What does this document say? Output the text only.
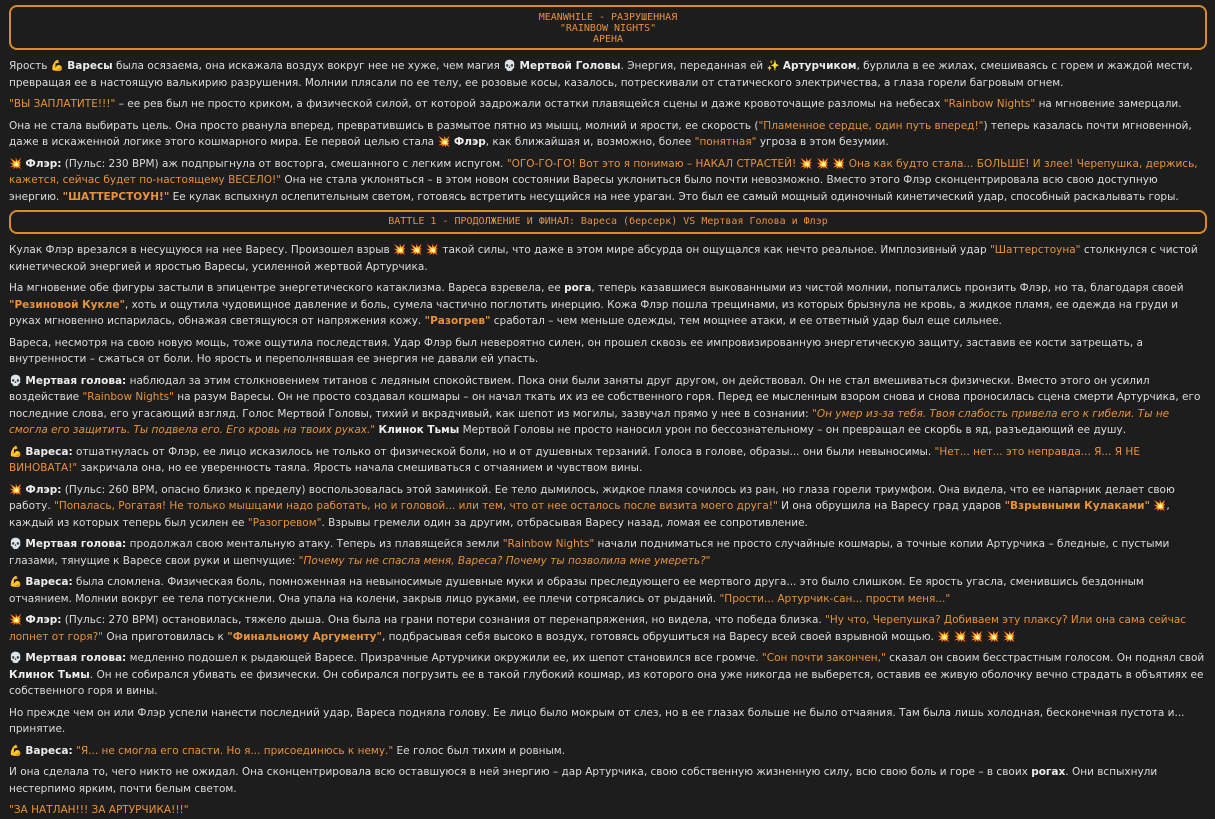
MEANWHILE - РАЗРУШЕННАЯ
"RAINBOW NIGHTS"
АРЕНА

Ярость 💪 Варесы была осязаема, она искажала воздух вокруг нее не хуже, чем магия 💀 Мертвой Головы. Энергия, переданная ей ✨ Артурчиком, бурлила в ее жилах, смешиваясь с горем и жаждой мести, превращая ее в настоящую валькирию разрушения. Молнии плясали по ее телу, ее розовые косы, казалось, потрескивали от статического электричества, а глаза горели багровым огнем.

"ВЫ ЗАПЛАТИТЕ!!!" – ее рев был не просто криком, а физической силой, от которой задрожали остатки плавящейся сцены и даже кровоточащие разломы на небесах "Rainbow Nights" на мгновение замерцали.

Она не стала выбирать цель. Она просто рванула вперед, превратившись в размытое пятно из мышц, молний и ярости, ее скорость ("Пламенное сердце, один путь вперед!") теперь казалась почти мгновенной, даже в искаженной логике этого кошмарного мира. Ее первой целью стала 💥 Флэр, как ближайшая и, возможно, более "понятная" угроза в этом безумии.

💥 Флэр: (Пульс: 230 BPM) аж подпрыгнула от восторга, смешанного с легким испугом. "ОГО-ГО-ГО! Вот это я понимаю – НАКАЛ СТРАСТЕЙ! 💥 💥 💥 Она как будто стала... БОЛЬШЕ! И злее! Черепушка, держись, кажется, сейчас будет по-настоящему ВЕСЕЛО!" Она не стала уклоняться – в этом новом состоянии Варесы уклониться было почти невозможно. Вместо этого Флэр сконцентрировала всю свою доступную энергию. "ШАТТЕРСТОУН!" Ее кулак вспыхнул ослепительным светом, готовясь встретить несущийся на нее ураган. Это был ее самый мощный одиночный кинетический удар, способный раскалывать горы.

BATTLE 1 - ПРОДОЛЖЕНИЕ И ФИНАЛ: Вареса (берсерк) VS Мертвая Голова и Флэр

Кулак Флэр врезался в несущуюся на нее Варесу. Произошел взрыв 💥 💥 💥 такой силы, что даже в этом мире абсурда он ощущался как нечто реальное. Имплозивный удар "Шаттерстоуна" столкнулся с чистой кинетической энергией и яростью Варесы, усиленной жертвой Артурчика.

На мгновение обе фигуры застыли в эпицентре энергетического катаклизма. Вареса взревела, ее рога, теперь казавшиеся выкованными из чистой молнии, попытались пронзить Флэр, но та, благодаря своей "Резиновой Кукле", хоть и ощутила чудовищное давление и боль, сумела частично поглотить инерцию. Кожа Флэр пошла трещинами, из которых брызнула не кровь, а жидкое пламя, ее одежда на груди и руках мгновенно испарилась, обнажая светящуюся от напряжения кожу. "Разогрев" сработал – чем меньше одежды, тем мощнее атаки, и ее ответный удар был еще сильнее.

Вареса, несмотря на свою новую мощь, тоже ощутила последствия. Удар Флэр был невероятно силен, он прошел сквозь ее импровизированную энергетическую защиту, заставив ее кости затрещать, а внутренности – сжаться от боли. Но ярость и переполнявшая ее энергия не давали ей упасть.

💀 Мертвая голова: наблюдал за этим столкновением титанов с ледяным спокойствием. Пока они были заняты друг другом, он действовал. Он не стал вмешиваться физически. Вместо этого он усилил воздействие "Rainbow Nights" на разум Варесы. Он не просто создавал кошмары – он начал ткать их из ее собственного горя. Перед ее мысленным взором снова и снова проносилась сцена смерти Артурчика, его последние слова, его угасающий взгляд. Голос Мертвой Головы, тихий и вкрадчивый, как шепот из могилы, зазвучал прямо у нее в сознании: "Он умер из-за тебя. Твоя слабость привела его к гибели. Ты не смогла его защитить. Ты подвела его. Его кровь на твоих руках." Клинок Тьмы Мертвой Головы не просто наносил урон по бессознательному – он превращал ее скорбь в яд, разъедающий ее душу.

💪 Вареса: отшатнулась от Флэр, ее лицо исказилось не только от физической боли, но и от душевных терзаний. Голоса в голове, образы... они были невыносимы. "Нет... нет... это неправда... Я... Я НЕ ВИНОВАТА!" закричала она, но ее уверенность таяла. Ярость начала смешиваться с отчаянием и чувством вины.

💥 Флэр: (Пульс: 260 BPM, опасно близко к пределу) воспользовалась этой заминкой. Ее тело дымилось, жидкое пламя сочилось из ран, но глаза горели триумфом. Она видела, что ее напарник делает свою работу. "Попалась, Рогатая! Не только мышцами надо работать, но и головой... или тем, что от нее осталось после визита моего друга!" И она обрушила на Варесу град ударов "Взрывными Кулаками" 💥, каждый из которых теперь был усилен ее "Разогревом". Взрывы гремели один за другим, отбрасывая Варесу назад, ломая ее сопротивление.

💀 Мертвая голова: продолжал свою ментальную атаку. Теперь из плавящейся земли "Rainbow Nights" начали подниматься не просто случайные кошмары, а точные копии Артурчика – бледные, с пустыми глазами, тянущие к Варесе свои руки и шепчущие: "Почему ты не спасла меня, Вареса? Почему ты позволила мне умереть?"

💪 Вареса: была сломлена. Физическая боль, помноженная на невыносимые душевные муки и образы преследующего ее мертвого друга... это было слишком. Ее ярость угасла, сменившись бездонным отчаянием. Молнии вокруг ее тела потускнели. Она упала на колени, закрыв лицо руками, ее плечи сотрясались от рыданий. "Прости... Артурчик-сан... прости меня..."

💥 Флэр: (Пульс: 270 BPM) остановилась, тяжело дыша. Она была на грани потери сознания от перенапряжения, но видела, что победа близка. "Ну что, Черепушка? Добиваем эту плаксу? Или она сама сейчас лопнет от горя?" Она приготовилась к "Финальному Аргументу", подбрасывая себя высоко в воздух, готовясь обрушиться на Варесу всей своей взрывной мощью. 💥 💥 💥 💥 💥

💀 Мертвая голова: медленно подошел к рыдающей Варесе. Призрачные Артурчики окружили ее, их шепот становился все громче. "Сон почти закончен," сказал он своим бесстрастным голосом. Он поднял свой Клинок Тьмы. Он не собирался убивать ее физически. Он собирался погрузить ее в такой глубокий кошмар, из которого она уже никогда не выберется, оставив ее живую оболочку вечно страдать в объятиях ее собственного горя и вины.

Но прежде чем он или Флэр успели нанести последний удар, Вареса подняла голову. Ее лицо было мокрым от слез, но в ее глазах больше не было отчаяния. Там была лишь холодная, бесконечная пустота и... принятие.

💪 Вареса: "Я... не смогла его спасти. Но я... присоединюсь к нему." Ее голос был тихим и ровным.

И она сделала то, чего никто не ожидал. Она сконцентрировала всю оставшуюся в ней энергию – дар Артурчика, свою собственную жизненную силу, всю свою боль и горе – в своих рогах. Они вспыхнули нестерпимо ярким, почти белым светом.

"ЗА НАТЛАН!!! ЗА АРТУРЧИКА!!!"
